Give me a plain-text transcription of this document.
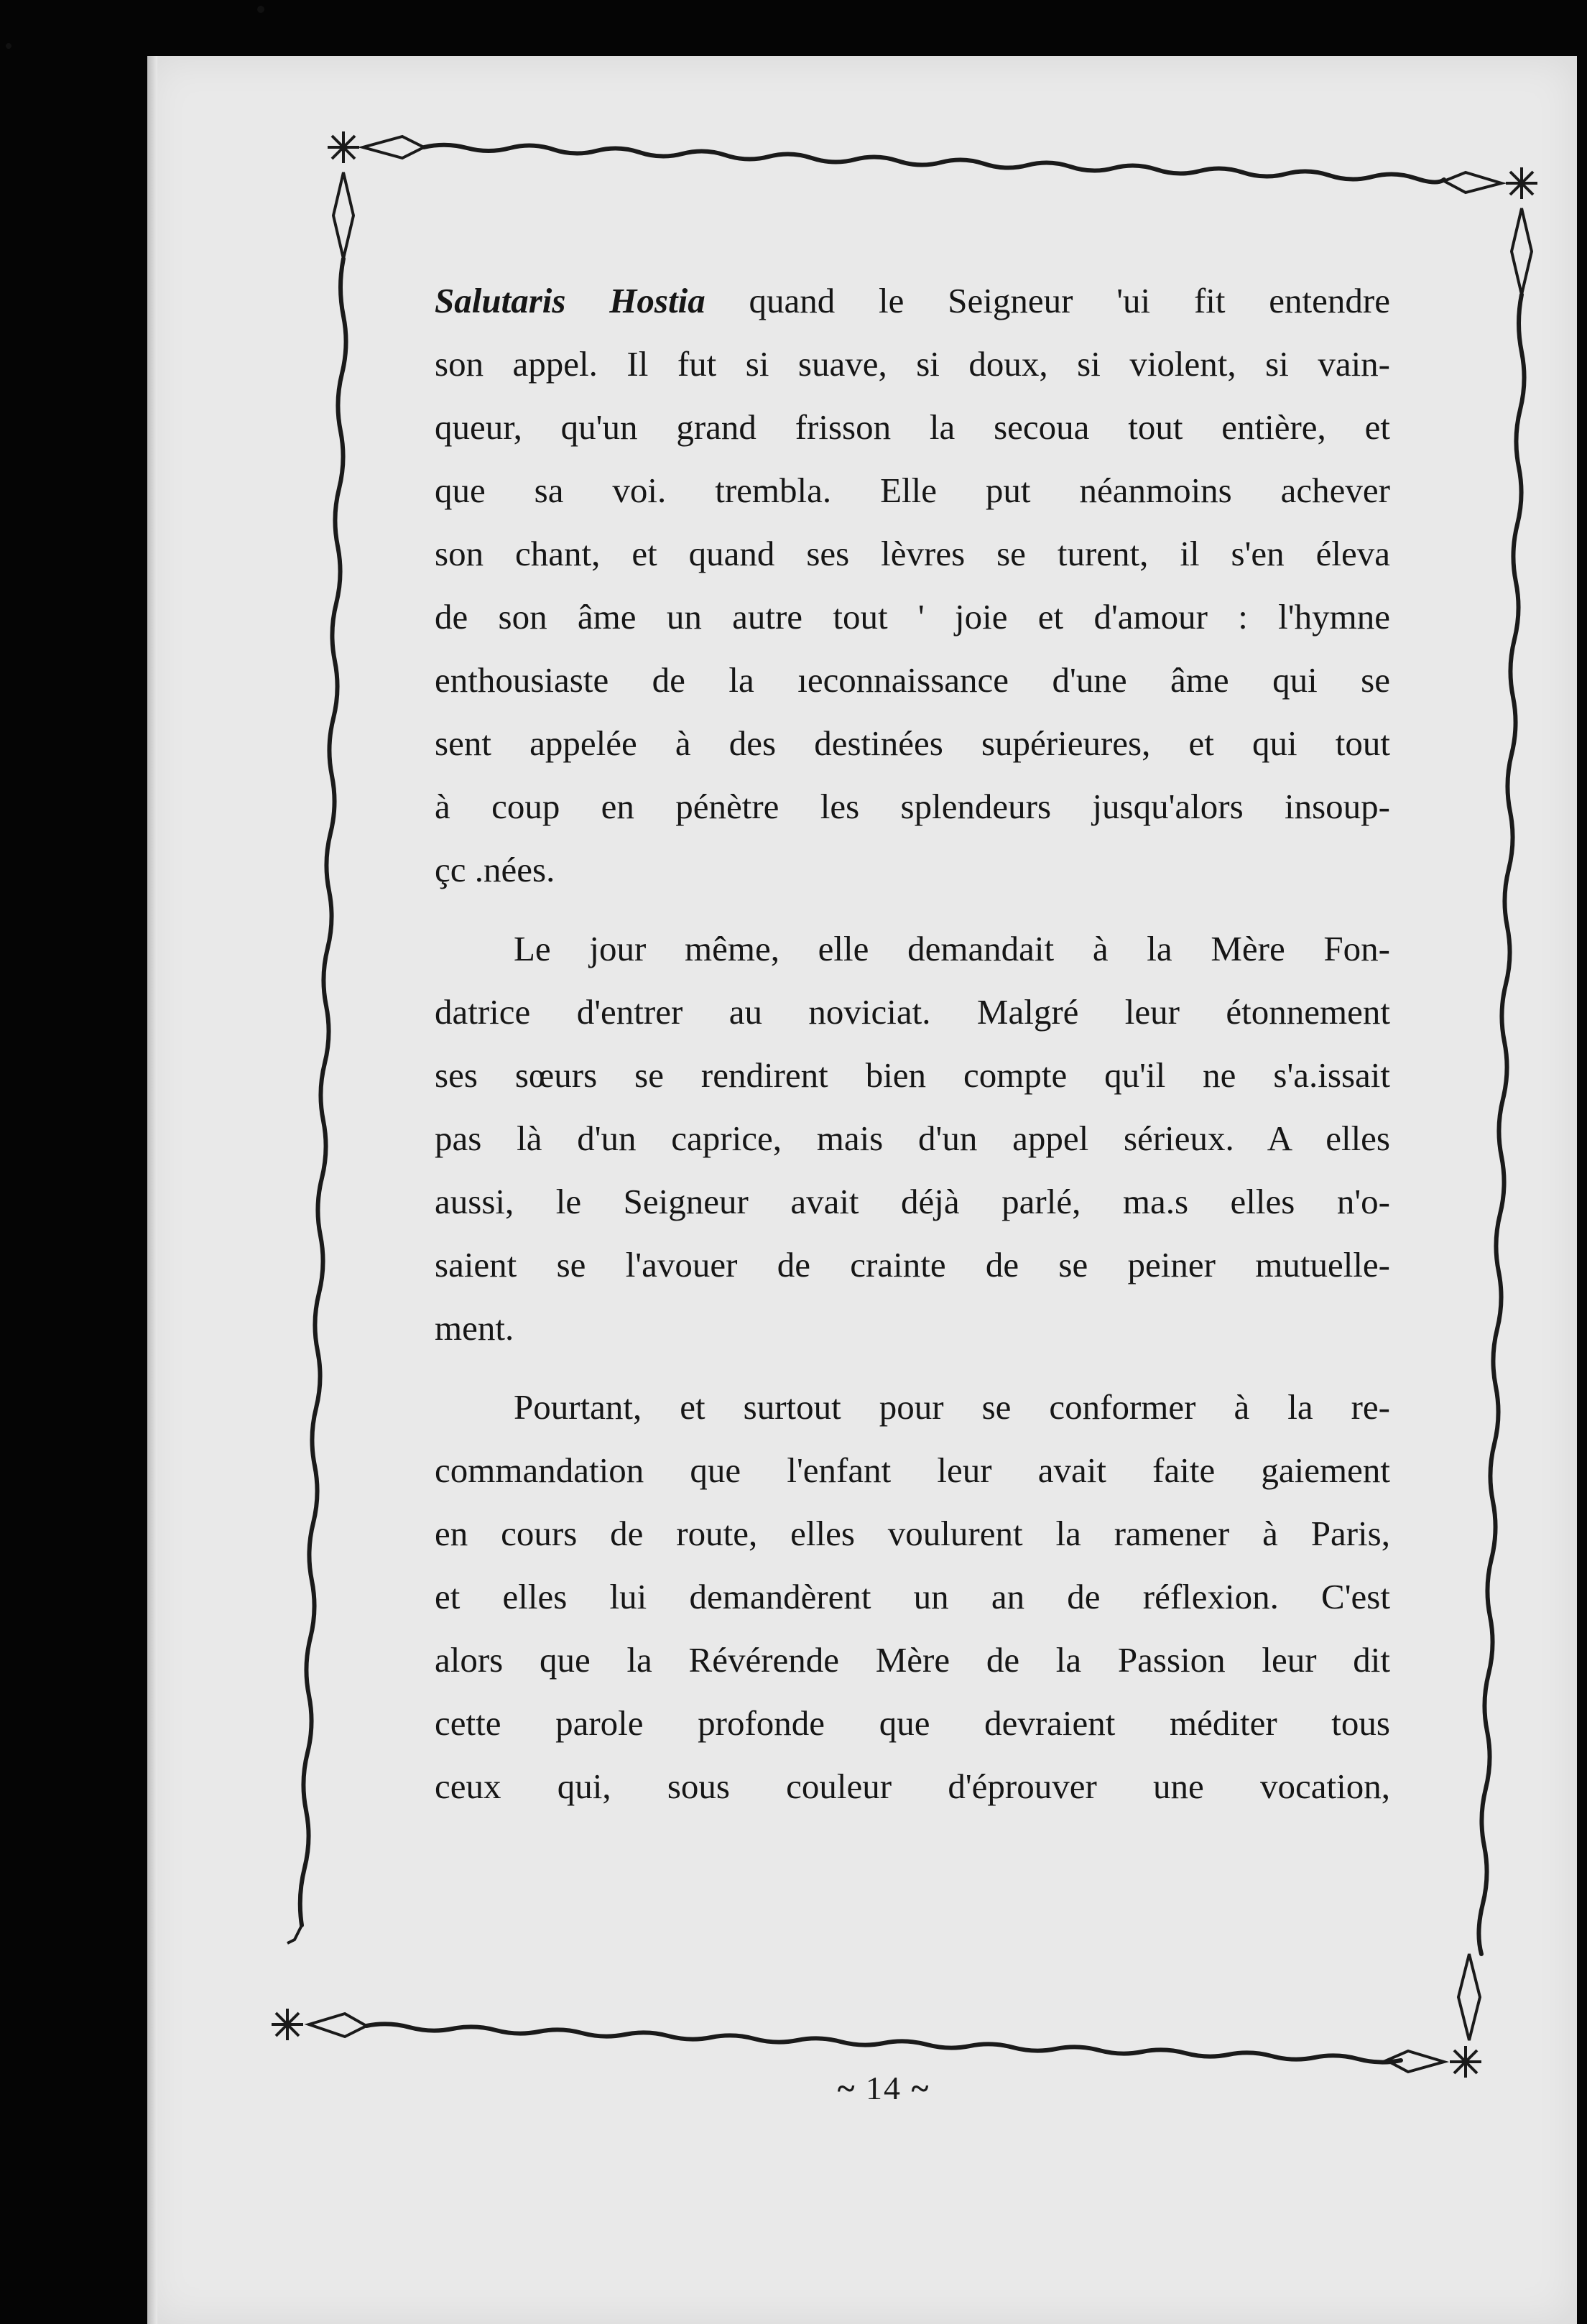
Salutaris Hostia quand le Seigneur 'ui fit entendre
son appel. Il fut si suave, si doux, si violent, si vain-
queur, qu'un grand frisson la secoua tout entière, et
que sa voi. trembla. Elle put néanmoins achever
son chant, et quand ses lèvres se turent, il s'en éleva
de son âme un autre tout ' joie et d'amour : l'hymne
enthousiaste de la ıeconnaissance d'une âme qui se
sent appelée à des destinées supérieures, et qui tout
à coup en pénètre les splendeurs jusqu'alors insoup-
çc .nées.

Le jour même, elle demandait à la Mère Fon-
datrice d'entrer au noviciat. Malgré leur étonnement
ses sœurs se rendirent bien compte qu'il ne s'a.issait
pas là d'un caprice, mais d'un appel sérieux. A elles
aussi, le Seigneur avait déjà parlé, ma.s elles n'o-
saient se l'avouer de crainte de se peiner mutuelle-
ment.

Pourtant, et surtout pour se conformer à la re-
commandation que l'enfant leur avait faite gaiement
en cours de route, elles voulurent la ramener à Paris,
et elles lui demandèrent un an de réflexion. C'est
alors que la Révérende Mère de la Passion leur dit
cette parole profonde que devraient méditer tous
ceux qui, sous couleur d'éprouver une vocation,

~ 14 ~
